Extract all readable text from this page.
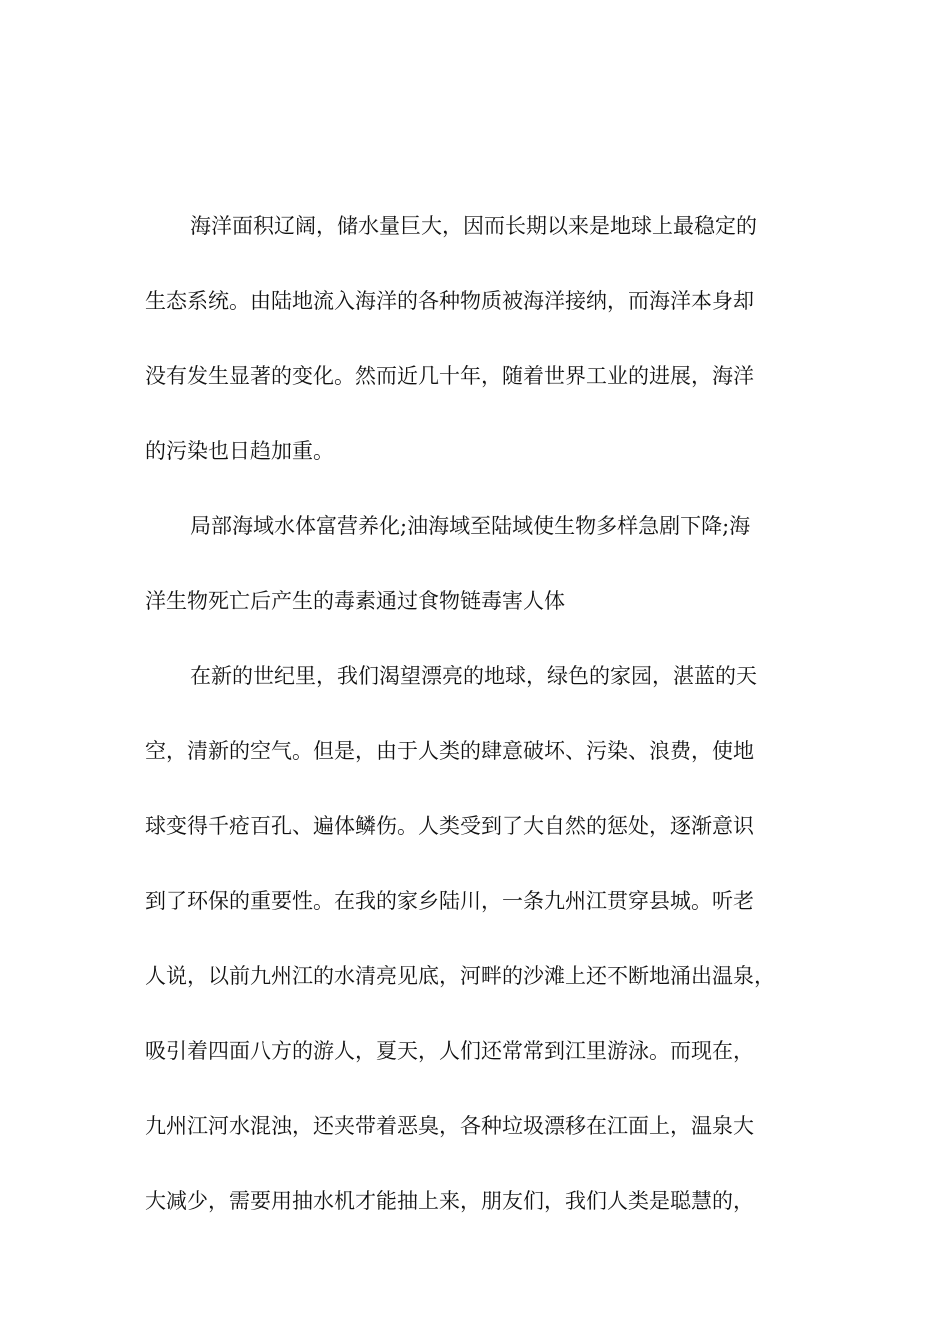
海洋面积辽阔，储水量巨大，因而长期以来是地球上最稳定的
生态系统。由陆地流入海洋的各种物质被海洋接纳，而海洋本身却
没有发生显著的变化。然而近几十年，随着世界工业的进展，海洋
的污染也日趋加重。
局部海域水体富营养化;油海域至陆域使生物多样急剧下降;海
洋生物死亡后产生的毒素通过食物链毒害人体
在新的世纪里，我们渴望漂亮的地球，绿色的家园，湛蓝的天
空，清新的空气。但是，由于人类的肆意破坏、污染、浪费，使地
球变得千疮百孔、遍体鳞伤。人类受到了大自然的惩处，逐渐意识
到了环保的重要性。在我的家乡陆川，一条九州江贯穿县城。听老
人说，以前九州江的水清亮见底，河畔的沙滩上还不断地涌出温泉，
吸引着四面八方的游人，夏天，人们还常常到江里游泳。而现在，
九州江河水混浊，还夹带着恶臭，各种垃圾漂移在江面上，温泉大
大减少，需要用抽水机才能抽上来，朋友们，我们人类是聪慧的，
